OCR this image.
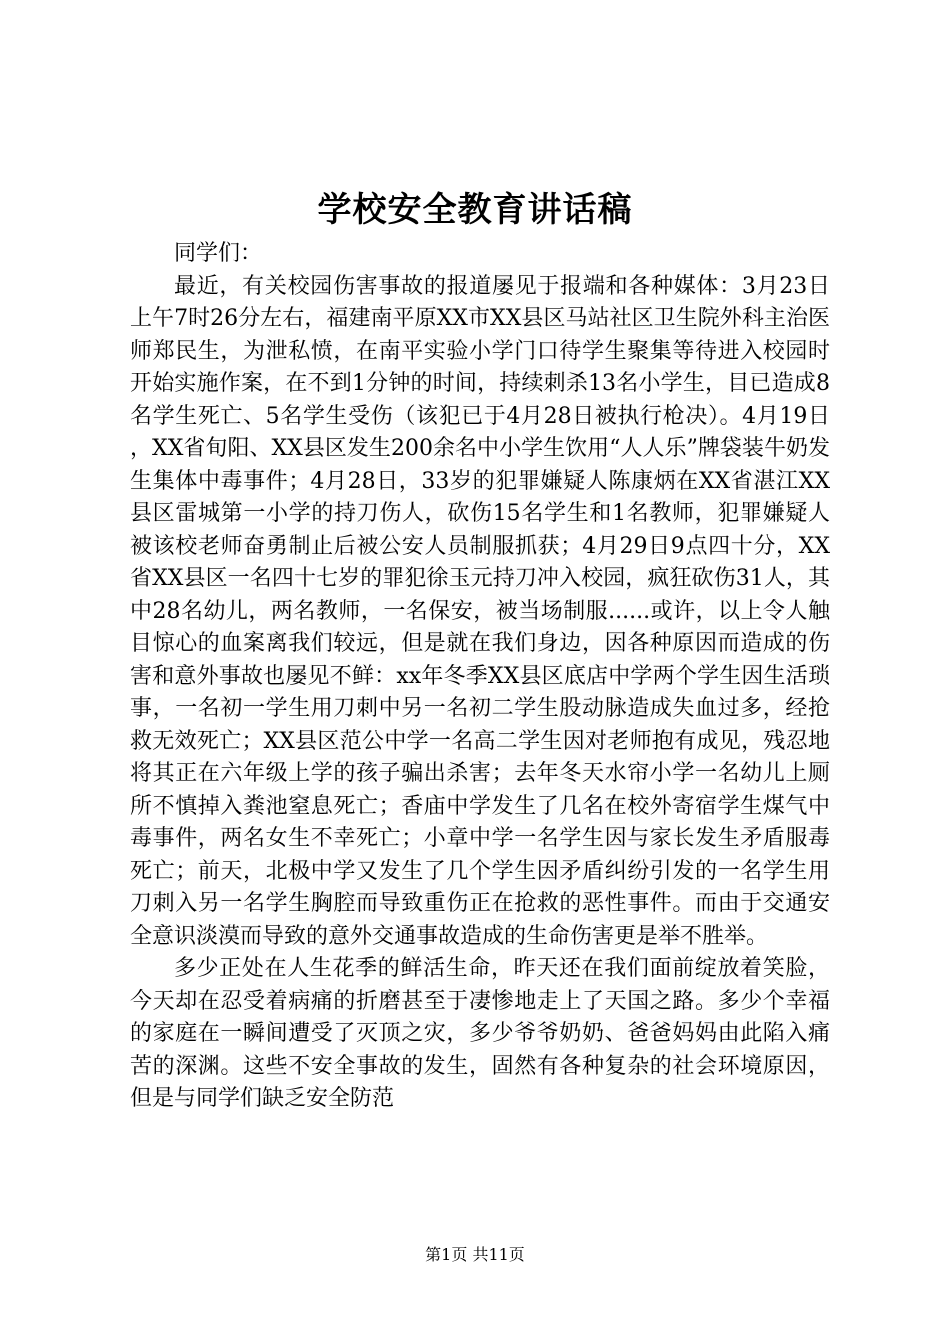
学校安全教育讲话稿

同学们：

最近，有关校园伤害事故的报道屡见于报端和各种媒体：3月23日上午7时26分左右，福建南平原XX市XX县区马站社区卫生院外科主治医师郑民生，为泄私愤，在南平实验小学门口待学生聚集等待进入校园时开始实施作案，在不到1分钟的时间，持续刺杀13名小学生，目已造成8名学生死亡、5名学生受伤（该犯已于4月28日被执行枪决）。4月19日，XX省旬阳、XX县区发生200余名中小学生饮用“人人乐”牌袋装牛奶发生集体中毒事件；4月28日，33岁的犯罪嫌疑人陈康炳在XX省湛江XX县区雷城第一小学的持刀伤人，砍伤15名学生和1名教师，犯罪嫌疑人被该校老师奋勇制止后被公安人员制服抓获；4月29日9点四十分，XX省XX县区一名四十七岁的罪犯徐玉元持刀冲入校园，疯狂砍伤31人，其中28名幼儿，两名教师，一名保安，被当场制服......或许，以上令人触目惊心的血案离我们较远，但是就在我们身边，因各种原因而造成的伤害和意外事故也屡见不鲜：xx年冬季XX县区底店中学两个学生因生活琐事，一名初一学生用刀刺中另一名初二学生股动脉造成失血过多，经抢救无效死亡；XX县区范公中学一名高二学生因对老师抱有成见，残忍地将其正在六年级上学的孩子骗出杀害；去年冬天水帘小学一名幼儿上厕所不慎掉入粪池窒息死亡；香庙中学发生了几名在校外寄宿学生煤气中毒事件，两名女生不幸死亡；小章中学一名学生因与家长发生矛盾服毒死亡；前天，北极中学又发生了几个学生因矛盾纠纷引发的一名学生用刀刺入另一名学生胸腔而导致重伤正在抢救的恶性事件。而由于交通安全意识淡漠而导致的意外交通事故造成的生命伤害更是举不胜举。

多少正处在人生花季的鲜活生命，昨天还在我们面前绽放着笑脸，今天却在忍受着病痛的折磨甚至于凄惨地走上了天国之路。多少个幸福的家庭在一瞬间遭受了灭顶之灾，多少爷爷奶奶、爸爸妈妈由此陷入痛苦的深渊。这些不安全事故的发生，固然有各种复杂的社会环境原因，但是与同学们缺乏安全防范

第1页 共11页
